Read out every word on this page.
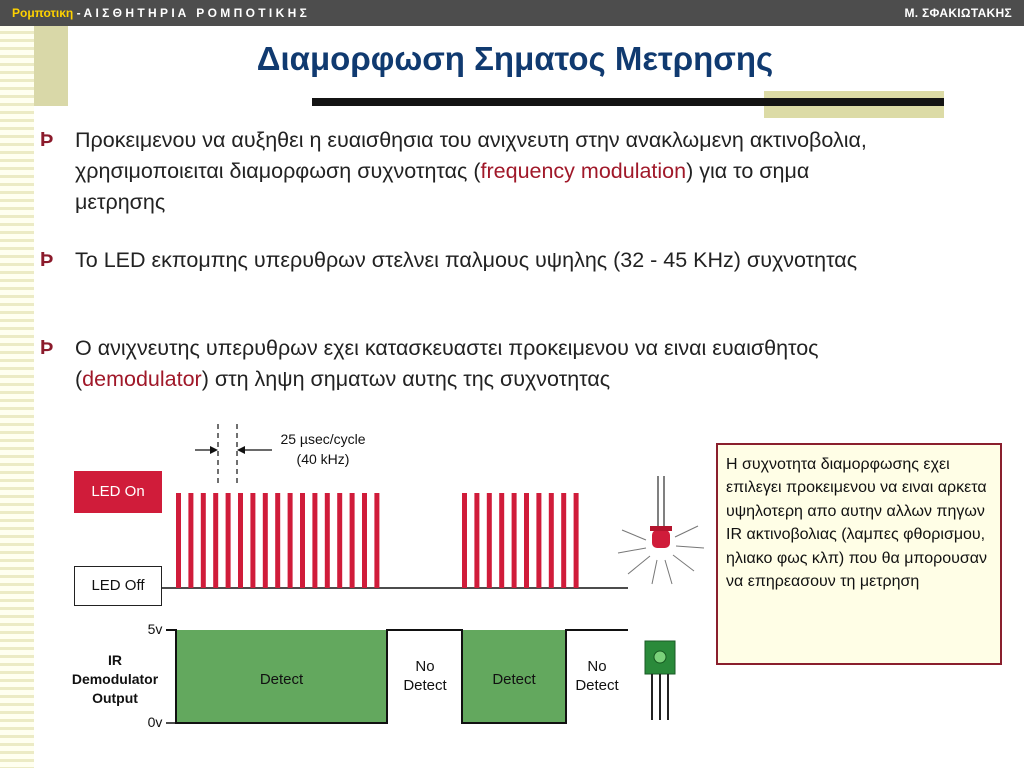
Ρομποτικη - Α Ι Σ Θ Η Τ Η Ρ Ι Α   Ρ Ο Μ Π Ο Τ Ι Κ Η Σ	Μ. ΣΦΑΚΙΩΤΑΚΗΣ
Διαμορφωση Σηματος Μετρησης
Þ	Προκειμενου να αυξηθει η ευαισθησια του ανιχνευτη στην ανακλωμενη ακτινοβολια, χρησιμοποιειται διαμορφωση συχνοτητας (frequency modulation) για το σημα μετρησης
Þ	Το LED εκπομπης υπερυθρων στελνει παλμους υψηλης (32 - 45 KHz) συχνοτητας
Þ	Ο ανιχνευτης υπερυθρων εχει κατασκευαστει προκειμενου να ειναι ευαισθητος (demodulator) στη ληψη σηματων αυτης της συχνοτητας
25 µsec/cycle
(40 kHz)
LED On
LED Off
5v
0v
IR
Demodulator
Output
Detect	Detect
No
Detect
No
Detect
Η συχνοτητα διαμορφωσης εχει επιλεγει προκειμενου να ειναι αρκετα υψηλοτερη απο αυτην αλλων πηγων IR ακτινοβολιας (λαμπες φθορισμου, ηλιακο φως κλπ) που θα μπορουσαν να επηρεασουν τη μετρηση
